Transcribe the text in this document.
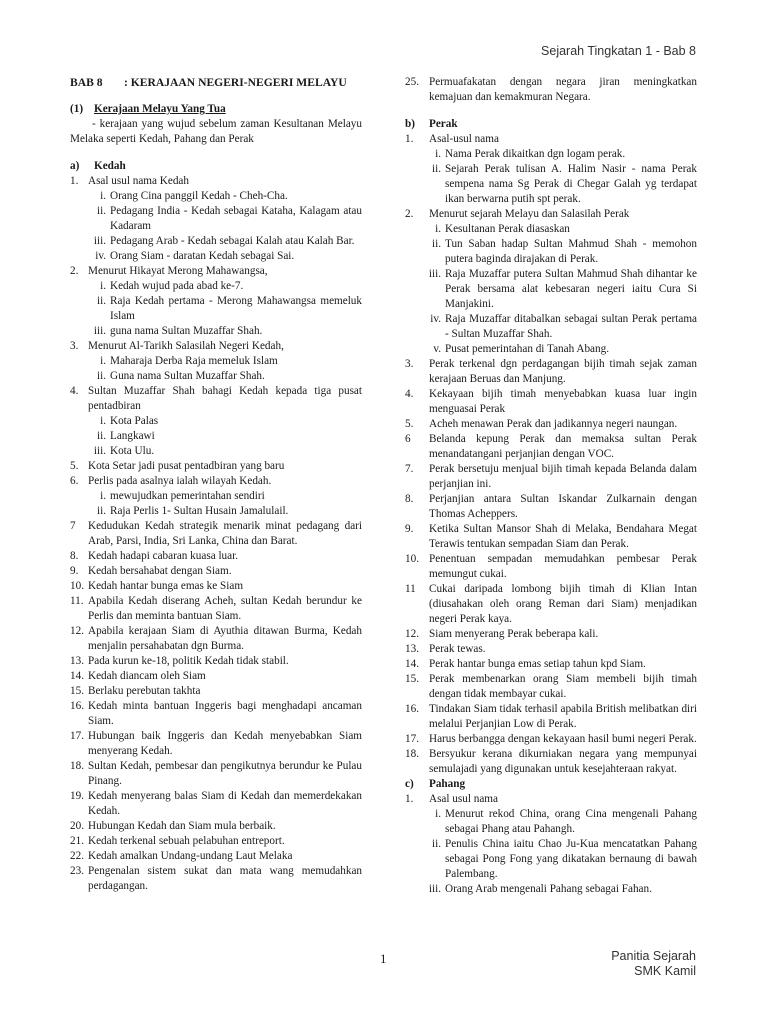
Sejarah Tingkatan 1 - Bab 8
BAB 8	: KERAJAAN NEGERI-NEGERI MELAYU
(1) Kerajaan Melayu Yang Tua
- kerajaan yang wujud sebelum zaman Kesultanan Melayu Melaka seperti Kedah, Pahang dan Perak
a) Kedah
1. Asal usul nama Kedah
i. Orang Cina panggil Kedah - Cheh-Cha.
ii. Pedagang India - Kedah sebagai Kataha, Kalagam atau Kadaram
iii. Pedagang Arab - Kedah sebagai Kalah atau Kalah Bar.
iv. Orang Siam - daratan Kedah sebagai Sai.
2. Menurut Hikayat Merong Mahawangsa,
i. Kedah wujud pada abad ke-7.
ii. Raja Kedah pertama - Merong Mahawangsa memeluk Islam
iii. guna nama Sultan Muzaffar Shah.
3. Menurut Al-Tarikh Salasilah Negeri Kedah,
i. Maharaja Derba Raja memeluk Islam
ii. Guna nama Sultan Muzaffar Shah.
4. Sultan Muzaffar Shah bahagi Kedah kepada tiga pusat pentadbiran
i. Kota Palas
ii. Langkawi
iii. Kota Ulu.
5. Kota Setar jadi pusat pentadbiran yang baru
6. Perlis pada asalnya ialah wilayah Kedah.
i. mewujudkan pemerintahan sendiri
ii. Raja Perlis 1- Sultan Husain Jamalulail.
7 Kedudukan Kedah strategik menarik minat pedagang dari Arab, Parsi, India, Sri Lanka, China dan Barat.
8. Kedah hadapi cabaran kuasa luar.
9. Kedah bersahabat dengan Siam.
10. Kedah hantar bunga emas ke Siam
11. Apabila Kedah diserang Acheh, sultan Kedah berundur ke Perlis dan meminta bantuan Siam.
12. Apabila kerajaan Siam di Ayuthia ditawan Burma, Kedah menjalin persahabatan dgn Burma.
13. Pada kurun ke-18, politik Kedah tidak stabil.
14. Kedah diancam oleh Siam
15. Berlaku perebutan takhta
16. Kedah minta bantuan Inggeris bagi menghadapi ancaman Siam.
17. Hubungan baik Inggeris dan Kedah menyebabkan Siam menyerang Kedah.
18. Sultan Kedah, pembesar dan pengikutnya berundur ke Pulau Pinang.
19. Kedah menyerang balas Siam di Kedah dan memerdekakan Kedah.
20. Hubungan Kedah dan Siam mula berbaik.
21. Kedah terkenal sebuah pelabuhan entreport.
22. Kedah amalkan Undang-undang Laut Melaka
23. Pengenalan sistem sukat dan mata wang memudahkan perdagangan.
25. Permuafakatan dengan negara jiran meningkatkan kemajuan dan kemakmuran Negara.
b) Perak
1. Asal-usul nama
i. Nama Perak dikaitkan dgn logam perak.
ii. Sejarah Perak tulisan A. Halim Nasir - nama Perak sempena nama Sg Perak di Chegar Galah yg terdapat ikan berwarna putih spt perak.
2. Menurut sejarah Melayu dan Salasilah Perak
i. Kesultanan Perak diasaskan
ii. Tun Saban hadap Sultan Mahmud Shah - memohon putera baginda dirajakan di Perak.
iii. Raja Muzaffar putera Sultan Mahmud Shah dihantar ke Perak bersama alat kebesaran negeri iaitu Cura Si Manjakini.
iv. Raja Muzaffar ditabalkan sebagai sultan Perak pertama - Sultan Muzaffar Shah.
v. Pusat pemerintahan di Tanah Abang.
3. Perak terkenal dgn perdagangan bijih timah sejak zaman kerajaan Beruas dan Manjung.
4. Kekayaan bijih timah menyebabkan kuasa luar ingin menguasai Perak
5. Acheh menawan Perak dan jadikannya negeri naungan.
6 Belanda kepung Perak dan memaksa sultan Perak menandatangani perjanjian dengan VOC.
7. Perak bersetuju menjual bijih timah kepada Belanda dalam perjanjian ini.
8. Perjanjian antara Sultan Iskandar Zulkarnain dengan Thomas Acheppers.
9. Ketika Sultan Mansor Shah di Melaka, Bendahara Megat Terawis tentukan sempadan Siam dan Perak.
10. Penentuan sempadan memudahkan pembesar Perak memungut cukai.
11 Cukai daripada lombong bijih timah di Klian Intan (diusahakan oleh orang Reman dari Siam) menjadikan negeri Perak kaya.
12. Siam menyerang Perak beberapa kali.
13. Perak tewas.
14. Perak hantar bunga emas setiap tahun kpd Siam.
15. Perak membenarkan orang Siam membeli bijih timah dengan tidak membayar cukai.
16. Tindakan Siam tidak terhasil apabila British melibatkan diri melalui Perjanjian Low di Perak.
17. Harus berbangga dengan kekayaan hasil bumi negeri Perak.
18. Bersyukur kerana dikurniakan negara yang mempunyai semulajadi yang digunakan untuk kesejahteraan rakyat.
c) Pahang
1. Asal usul nama
i. Menurut rekod China, orang Cina mengenali Pahang sebagai Phang atau Pahangh.
ii. Penulis China iaitu Chao Ju-Kua mencatatkan Pahang sebagai Pong Fong yang dikatakan bernaung di bawah Palembang.
iii. Orang Arab mengenali Pahang sebagai Fahan.
1	Panitia Sejarah
SMK Kamil
